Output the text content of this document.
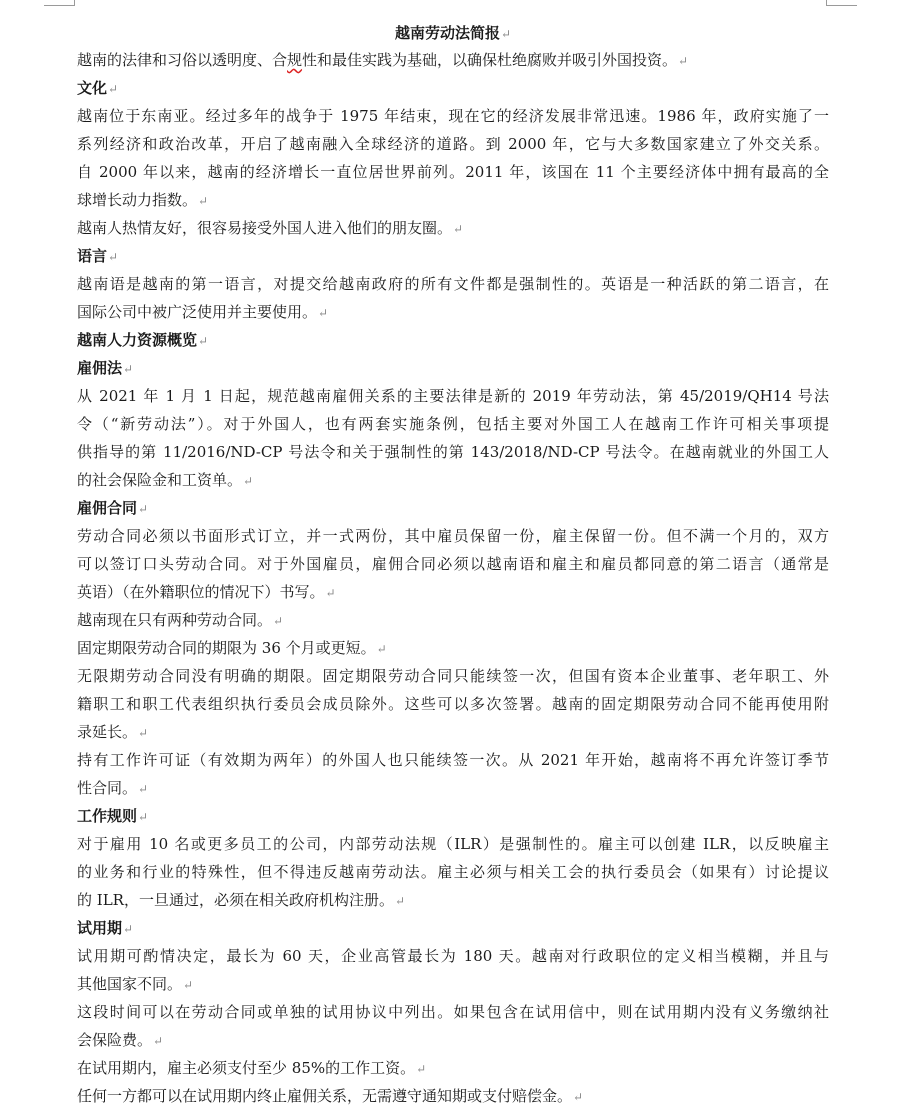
越南劳动法简报↵
越南的法律和习俗以透明度、合规性和最佳实践为基础，以确保杜绝腐败并吸引外国投资。↵
文化↵
越南位于东南亚。经过多年的战争于 1975 年结束，现在它的经济发展非常迅速。1986 年，政府实施了一
系列经济和政治改革，开启了越南融入全球经济的道路。到 2000 年，它与大多数国家建立了外交关系。
自 2000 年以来，越南的经济增长一直位居世界前列。2011 年，该国在 11 个主要经济体中拥有最高的全
球增长动力指数。↵
越南人热情友好，很容易接受外国人进入他们的朋友圈。↵
语言↵
越南语是越南的第一语言，对提交给越南政府的所有文件都是强制性的。英语是一种活跃的第二语言，在
国际公司中被广泛使用并主要使用。↵
越南人力资源概览↵
雇佣法↵
从 2021 年 1 月 1 日起，规范越南雇佣关系的主要法律是新的 2019 年劳动法，第 45/2019/QH14 号法
令（“新劳动法”）。对于外国人，也有两套实施条例，包括主要对外国工人在越南工作许可相关事项提
供指导的第 11/2016/ND-CP 号法令和关于强制性的第 143/2018/ND-CP 号法令。在越南就业的外国工人
的社会保险金和工资单。↵
雇佣合同↵
劳动合同必须以书面形式订立，并一式两份，其中雇员保留一份，雇主保留一份。但不满一个月的，双方
可以签订口头劳动合同。对于外国雇员，雇佣合同必须以越南语和雇主和雇员都同意的第二语言（通常是
英语）（在外籍职位的情况下）书写。↵
越南现在只有两种劳动合同。↵
固定期限劳动合同的期限为 36 个月或更短。↵
无限期劳动合同没有明确的期限。固定期限劳动合同只能续签一次，但国有资本企业董事、老年职工、外
籍职工和职工代表组织执行委员会成员除外。这些可以多次签署。越南的固定期限劳动合同不能再使用附
录延长。↵
持有工作许可证（有效期为两年）的外国人也只能续签一次。从 2021 年开始，越南将不再允许签订季节
性合同。↵
工作规则↵
对于雇用 10 名或更多员工的公司，内部劳动法规（ILR）是强制性的。雇主可以创建 ILR，以反映雇主
的业务和行业的特殊性，但不得违反越南劳动法。雇主必须与相关工会的执行委员会（如果有）讨论提议
的 ILR，一旦通过，必须在相关政府机构注册。↵
试用期↵
试用期可酌情决定，最长为 60 天，企业高管最长为 180 天。越南对行政职位的定义相当模糊，并且与
其他国家不同。↵
这段时间可以在劳动合同或单独的试用协议中列出。如果包含在试用信中，则在试用期内没有义务缴纳社
会保险费。↵
在试用期内，雇主必须支付至少 85%的工作工资。↵
任何一方都可以在试用期内终止雇佣关系，无需遵守通知期或支付赔偿金。↵
